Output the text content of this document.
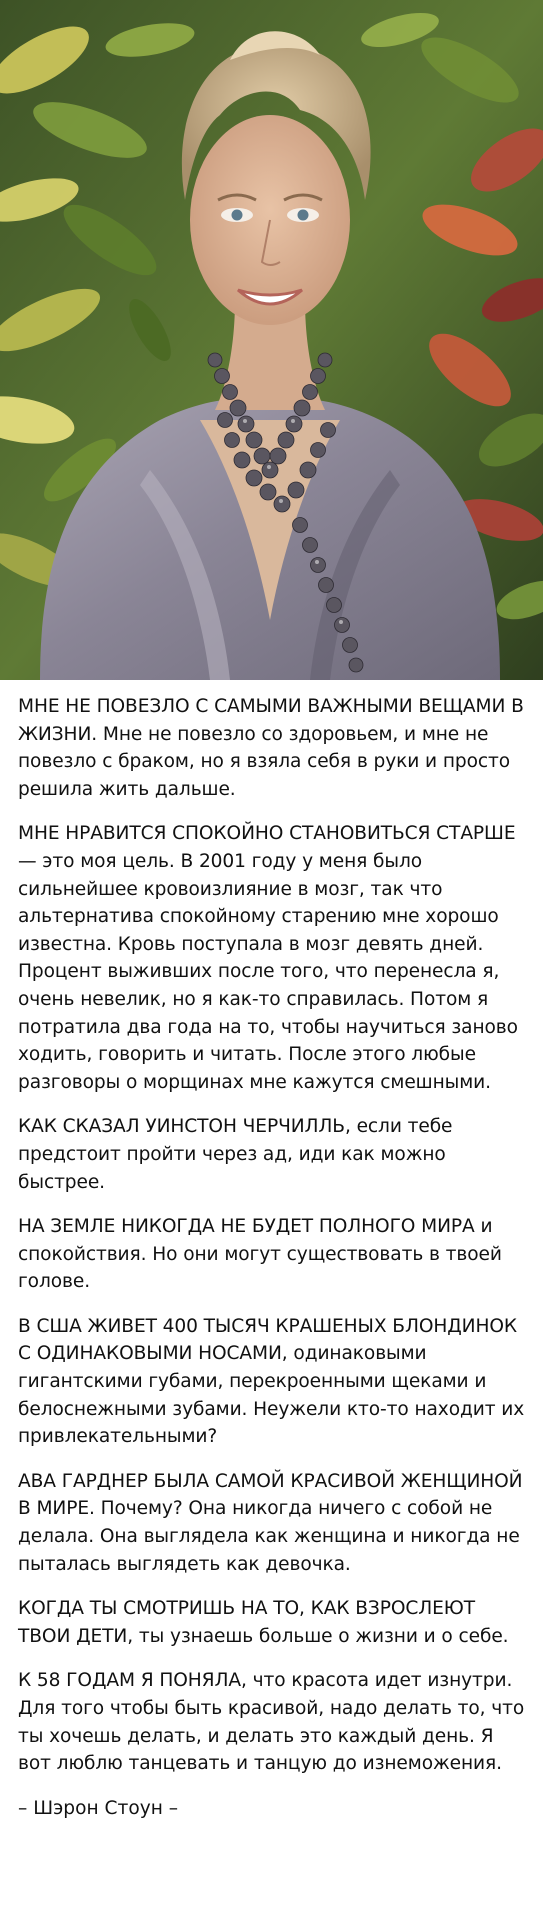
МНЕ НЕ ПОВЕЗЛО С САМЫМИ ВАЖНЫМИ ВЕЩАМИ В ЖИЗНИ. Мне не повезло со здоровьем, и мне не повезло с браком, но я взяла себя в руки и просто решила жить дальше.

МНЕ НРАВИТСЯ СПОКОЙНО СТАНОВИТЬСЯ СТАРШЕ — это моя цель. В 2001 году у меня было сильнейшее кровоизлияние в мозг, так что альтернатива спокойному старению мне хорошо известна. Кровь поступала в мозг девять дней. Процент выживших после того, что перенесла я, очень невелик, но я как-то справилась. Потом я потратила два года на то, чтобы научиться заново ходить, говорить и читать. После этого любые разговоры о морщинах мне кажутся смешными.

КАК СКАЗАЛ УИНСТОН ЧЕРЧИЛЛЬ, если тебе предстоит пройти через ад, иди как можно быстрее.

НА ЗЕМЛЕ НИКОГДА НЕ БУДЕТ ПОЛНОГО МИРА и спокойствия. Но они могут существовать в твоей голове.

В США ЖИВЕТ 400 ТЫСЯЧ КРАШЕНЫХ БЛОНДИНОК С ОДИНАКОВЫМИ НОСАМИ, одинаковыми гигантскими губами, перекроенными щеками и белоснежными зубами. Неужели кто-то находит их привлекательными?

АВА ГАРДНЕР БЫЛА САМОЙ КРАСИВОЙ ЖЕНЩИНОЙ В МИРЕ. Почему? Она никогда ничего с собой не делала. Она выглядела как женщина и никогда не пыталась выглядеть как девочка.

КОГДА ТЫ СМОТРИШЬ НА ТО, КАК ВЗРОСЛЕЮТ ТВОИ ДЕТИ, ты узнаешь больше о жизни и о себе.

К 58 ГОДАМ Я ПОНЯЛА, что красота идет изнутри. Для того чтобы быть красивой, надо делать то, что ты хочешь делать, и делать это каждый день. Я вот люблю танцевать и танцую до изнеможения.

– Шэрон Стоун –
